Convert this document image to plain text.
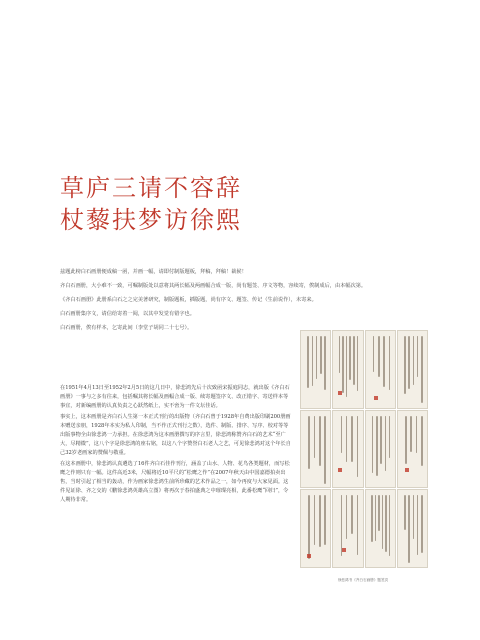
草庐三请不容辞
杖藜扶梦访徐熙

兹题此榜白石画册便成稿一函，并画一幅，请即付制版题板，拜稿，拜稿！裁候！

齐白石画册，大小难不一致，可嘱制版处以意将其两长幅及两画幅合成一版，尚有题签、序文等物，容续寄，俟制成后，由本幅次第。

《齐白石画册》此册系白石之之完美著研究，制版题板，插版题，尚有序文、题签、传记（生前说作），未寄来。

白石画册集序文，请信给寄着一阅，以其中发觉有错字也。

白石画册，俟有样本，乞寄此间（李堂子胡同二十七号）。

在1951年4月13日至1952年2月5日的这几日中，徐悲鸿先后十次致函宋振庭同志，就出版《齐白石画册》一事与之多有往来，包括嘱其将长幅及画幅合成一版、续寄题签序文、改正错字、寄送样本等事宜，对新编画册的认真负责之心跃然纸上，实不啻为一件文坛佳话。

事实上，这本画册是齐白石人生第一本正式刊行的出版物（齐白石曾于1928年自费出版印刷200册画本赠送亲朋，1928年本实为私人印制，当不作正式刊行之数），选件、制版、排序、写序、校对等等出版事物全由徐悲鸿一力承担。在徐悲鸿为这本画册撰写的序言里，徐悲鸿称赞齐白石的艺术“至广大，尽精微”，这八个字是徐悲鸿的座右铭，以这八个字赞誉白石老人之艺，可见徐悲鸿对这个年长自己32岁老画家的赞佩与敬重。

在这本画册中，徐悲鸿认真遴选了16件齐白石佳作刊行，涵盖了山水、人物、花鸟各类题材，而写松鹰之作则只有一幅。这件高近3米，尺幅将近10平尺的“松鹰之作”在2007年秋天由中国嘉德拍卖出售，当时引起了相当的轰动，作为画家徐悲鸿生前所珍藏的艺术作品之一，如今再度与大家见面。这件见证徐、齐之交的《鹏徐悲鸿英雄高立图》将再次于春拍盛典之中璀璨亮相，此番松鹰“回归”，令人期待非常。

徐悲鸿书《齐白石画册》题签页
